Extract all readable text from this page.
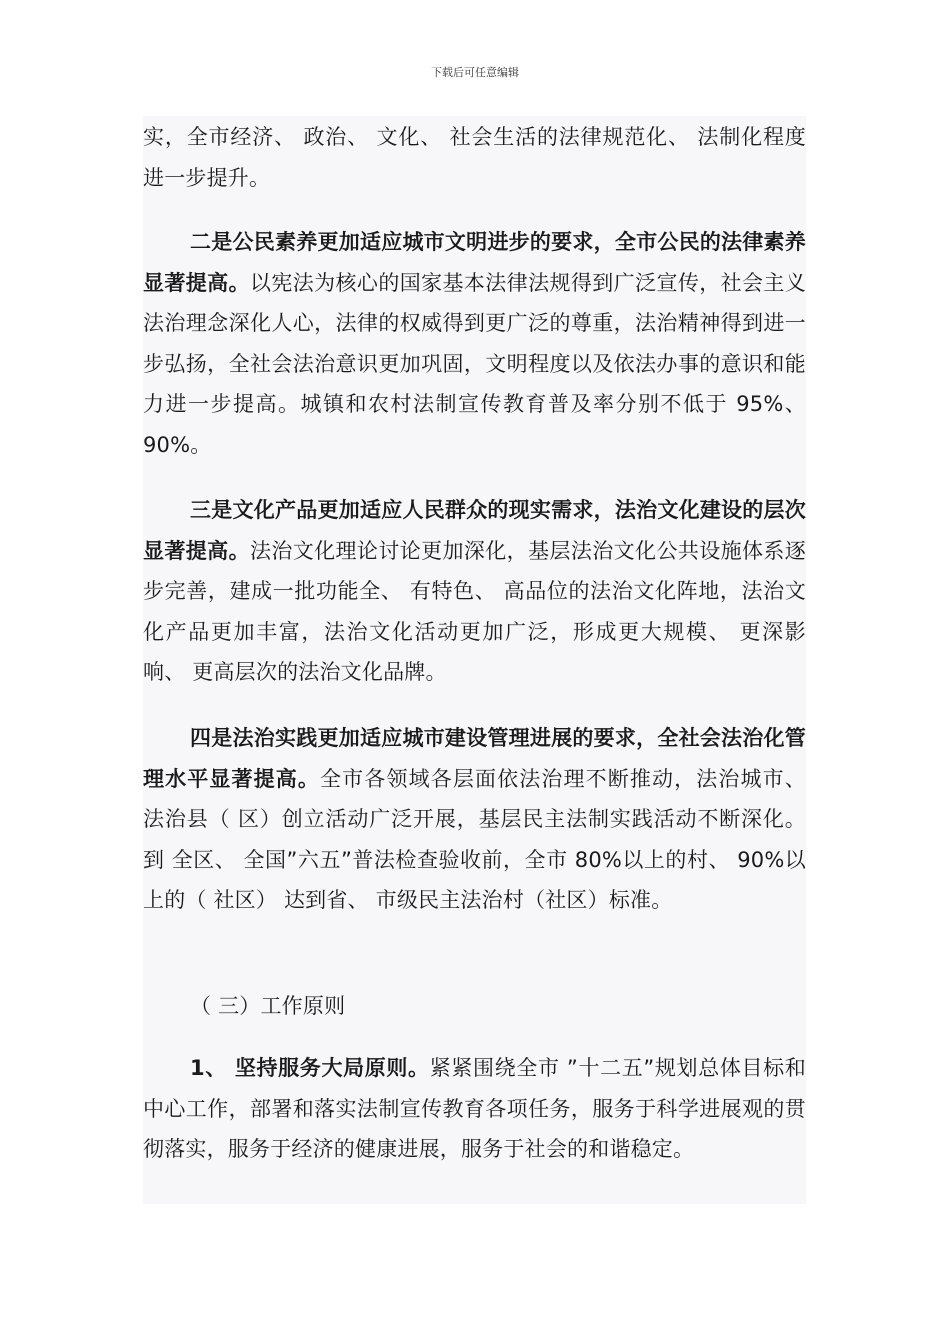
下载后可任意编辑

实，全市经济、 政治、 文化、 社会生活的法律规范化、 法制化程度进一步提升。

二是公民素养更加适应城市文明进步的要求，全市公民的法律素养显著提高。以宪法为核心的国家基本法律法规得到广泛宣传，社会主义法治理念深化人心，法律的权威得到更广泛的尊重，法治精神得到进一步弘扬，全社会法治意识更加巩固，文明程度以及依法办事的意识和能力进一步提高。城镇和农村法制宣传教育普及率分别不低于 95%、 90%。

三是文化产品更加适应人民群众的现实需求，法治文化建设的层次显著提高。法治文化理论讨论更加深化，基层法治文化公共设施体系逐步完善，建成一批功能全、 有特色、 高品位的法治文化阵地，法治文化产品更加丰富，法治文化活动更加广泛，形成更大规模、 更深影响、 更高层次的法治文化品牌。

四是法治实践更加适应城市建设管理进展的要求，全社会法治化管理水平显著提高。全市各领域各层面依法治理不断推动，法治城市、 法治县（ 区）创立活动广泛开展，基层民主法制实践活动不断深化。到 全区、 全国”六五”普法检查验收前，全市 80%以上的村、 90%以上的（ 社区） 达到省、 市级民主法治村（社区）标准。

（ 三）工作原则

1、 坚持服务大局原则。紧紧围绕全市 ”十二五”规划总体目标和中心工作，部署和落实法制宣传教育各项任务，服务于科学进展观的贯彻落实，服务于经济的健康进展，服务于社会的和谐稳定。
